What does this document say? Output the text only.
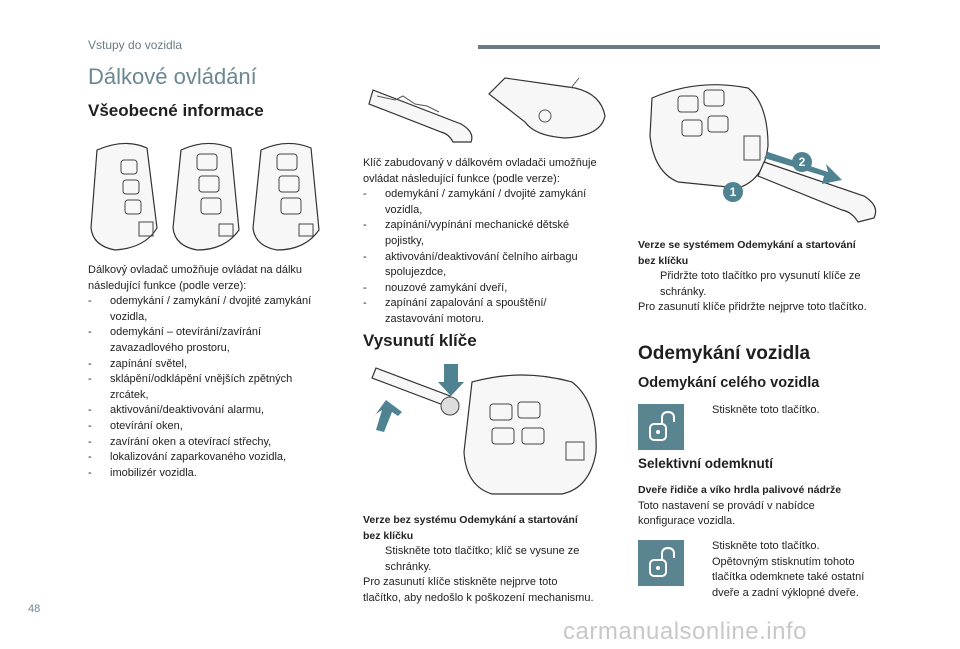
Vstupy do vozidla
Dálkové ovládání
Všeobecné informace

Dálkový ovladač umožňuje ovládat na dálku

následující funkce (podle verze):

- odemykání / zamykání / dvojité zamykání
vozidla,
- odemykání – otevírání/zavírání
zavazadlového prostoru,
- zapínání světel,
- sklápění/odklápění vnějších zpětných
zrcátek,
- aktivování/deaktivování alarmu,
- otevírání oken,
- zavírání oken a otevírací střechy,
- lokalizování zaparkovaného vozidla,
- imobilizér vozidla.

Klíč zabudovaný v dálkovém ovladači umožňuje

ovládat následující funkce (podle verze):

- odemykání / zamykání / dvojité zamykání
vozidla,
- zapínání/vypínání mechanické dětské
pojistky,
- aktivování/deaktivování čelního airbagu
spolujezdce,
- nouzové zamykání dveří,
- zapínání zapalování a spouštění/
zastavování motoru.
Vysunutí klíče

Verze bez systému Odemykání a startování

bez klíčku

Stiskněte toto tlačítko; klíč se vysune ze
schránky.

Pro zasunutí klíče stiskněte nejprve toto

tlačítko, aby nedošlo k poškození mechanismu.

1
2

Verze se systémem Odemykání a startování

bez klíčku

Přidržte toto tlačítko pro vysunutí klíče ze
schránky.

Pro zasunutí klíče přidržte nejprve toto tlačítko.

Odemykání vozidla
Odemykání celého vozidla
Stiskněte toto tlačítko.
Selektivní odemknutí

Dveře řidiče a víko hrdla palivové nádrže

Toto nastavení se provádí v nabídce

konfigurace vozidla.

Stiskněte toto tlačítko.
Opětovným stisknutím tohoto
tlačítka odemknete také ostatní
dveře a zadní výklopné dveře.
48
carmanualsonline.info
